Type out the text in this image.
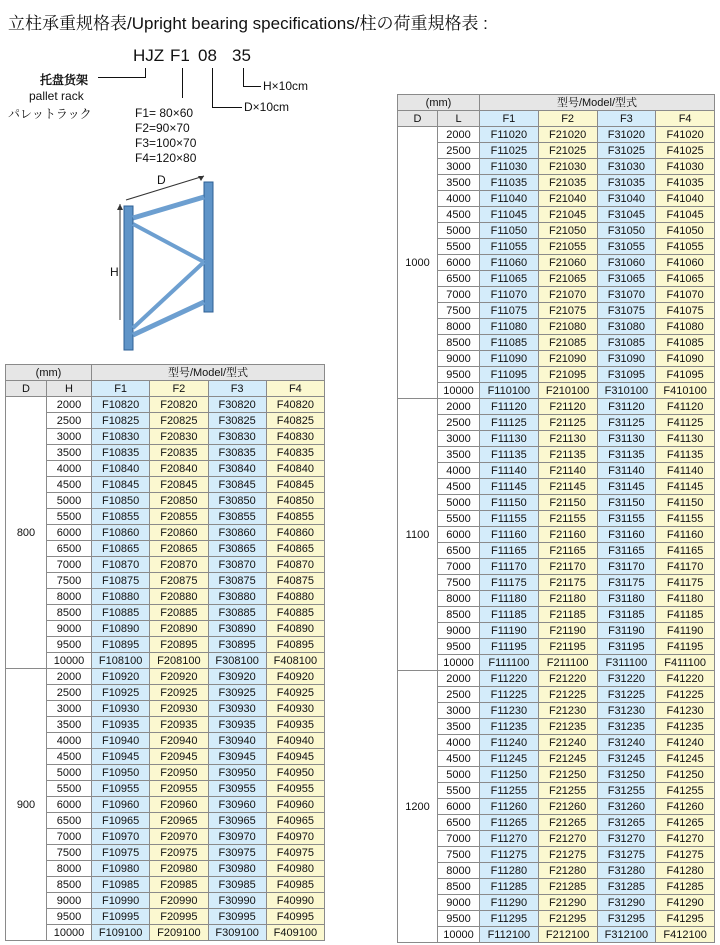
立柱承重规格表/Upright bearing specifications/柱の荷重規格表 :
HJZ F1 08 35
H×10cm
D×10cm
托盘货架
pallet rack
パレットラック	F1= 80×60
F2=90×70
F3=100×70
F4=120×80
D
H
(mm)		型号/Model/型式			
D	H	F1	F2	F3	F4
800	2000	F10820	F20820	F30820	F40820
	2500	F10825	F20825	F30825	F40825
	3000	F10830	F20830	F30830	F40830
	3500	F10835	F20835	F30835	F40835
	4000	F10840	F20840	F30840	F40840
	4500	F10845	F20845	F30845	F40845
	5000	F10850	F20850	F30850	F40850
	5500	F10855	F20855	F30855	F40855
	6000	F10860	F20860	F30860	F40860
	6500	F10865	F20865	F30865	F40865
	7000	F10870	F20870	F30870	F40870
	7500	F10875	F20875	F30875	F40875
	8000	F10880	F20880	F30880	F40880
	8500	F10885	F20885	F30885	F40885
	9000	F10890	F20890	F30890	F40890
	9500	F10895	F20895	F30895	F40895
	10000	F108100	F208100	F308100	F408100
900	2000	F10920	F20920	F30920	F40920
	2500	F10925	F20925	F30925	F40925
	3000	F10930	F20930	F30930	F40930
	3500	F10935	F20935	F30935	F40935
	4000	F10940	F20940	F30940	F40940
	4500	F10945	F20945	F30945	F40945
	5000	F10950	F20950	F30950	F40950
	5500	F10955	F20955	F30955	F40955
	6000	F10960	F20960	F30960	F40960
	6500	F10965	F20965	F30965	F40965
	7000	F10970	F20970	F30970	F40970
	7500	F10975	F20975	F30975	F40975
	8000	F10980	F20980	F30980	F40980
	8500	F10985	F20985	F30985	F40985
	9000	F10990	F20990	F30990	F40990
	9500	F10995	F20995	F30995	F40995
	10000	F109100	F209100	F309100	F409100
(mm)		型号/Model/型式			
D	L	F1	F2	F3	F4
1000	2000	F11020	F21020	F31020	F41020
	2500	F11025	F21025	F31025	F41025
	3000	F11030	F21030	F31030	F41030
	3500	F11035	F21035	F31035	F41035
	4000	F11040	F21040	F31040	F41040
	4500	F11045	F21045	F31045	F41045
	5000	F11050	F21050	F31050	F41050
	5500	F11055	F21055	F31055	F41055
	6000	F11060	F21060	F31060	F41060
	6500	F11065	F21065	F31065	F41065
	7000	F11070	F21070	F31070	F41070
	7500	F11075	F21075	F31075	F41075
	8000	F11080	F21080	F31080	F41080
	8500	F11085	F21085	F31085	F41085
	9000	F11090	F21090	F31090	F41090
	9500	F11095	F21095	F31095	F41095
	10000	F110100	F210100	F310100	F410100
1100	2000	F11120	F21120	F31120	F41120
	2500	F11125	F21125	F31125	F41125
	3000	F11130	F21130	F31130	F41130
	3500	F11135	F21135	F31135	F41135
	4000	F11140	F21140	F31140	F41140
	4500	F11145	F21145	F31145	F41145
	5000	F11150	F21150	F31150	F41150
	5500	F11155	F21155	F31155	F41155
	6000	F11160	F21160	F31160	F41160
	6500	F11165	F21165	F31165	F41165
	7000	F11170	F21170	F31170	F41170
	7500	F11175	F21175	F31175	F41175
	8000	F11180	F21180	F31180	F41180
	8500	F11185	F21185	F31185	F41185
	9000	F11190	F21190	F31190	F41190
	9500	F11195	F21195	F31195	F41195
	10000	F111100	F211100	F311100	F411100
1200	2000	F11220	F21220	F31220	F41220
	2500	F11225	F21225	F31225	F41225
	3000	F11230	F21230	F31230	F41230
	3500	F11235	F21235	F31235	F41235
	4000	F11240	F21240	F31240	F41240
	4500	F11245	F21245	F31245	F41245
	5000	F11250	F21250	F31250	F41250
	5500	F11255	F21255	F31255	F41255
	6000	F11260	F21260	F31260	F41260
	6500	F11265	F21265	F31265	F41265
	7000	F11270	F21270	F31270	F41270
	7500	F11275	F21275	F31275	F41275
	8000	F11280	F21280	F31280	F41280
	8500	F11285	F21285	F31285	F41285
	9000	F11290	F21290	F31290	F41290
	9500	F11295	F21295	F31295	F41295
	10000	F112100	F212100	F312100	F412100
